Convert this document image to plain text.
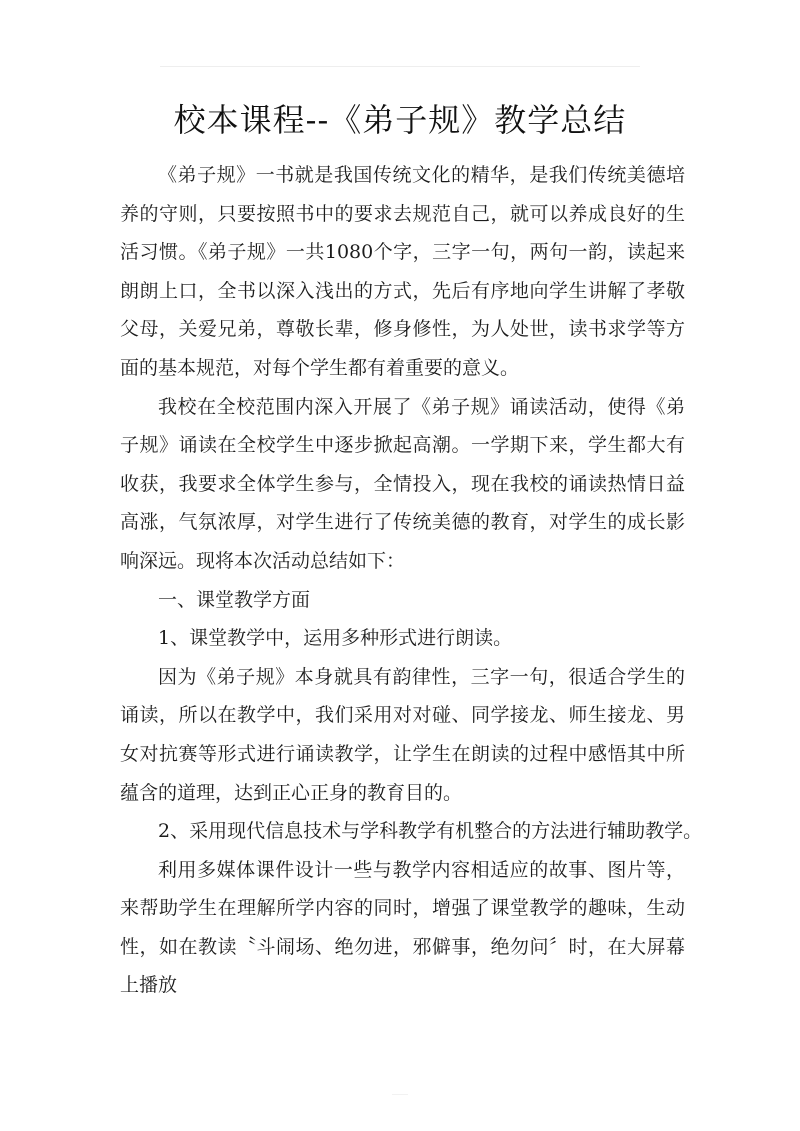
校本课程--《弟子规》教学总结

《弟子规》一书就是我国传统文化的精华，是我们传统美德培养的守则，只要按照书中的要求去规范自己，就可以养成良好的生活习惯。《弟子规》一共1080个字，三字一句，两句一韵，读起来朗朗上口，全书以深入浅出的方式，先后有序地向学生讲解了孝敬父母，关爱兄弟，尊敬长辈，修身修性，为人处世，读书求学等方面的基本规范，对每个学生都有着重要的意义。

我校在全校范围内深入开展了《弟子规》诵读活动，使得《弟子规》诵读在全校学生中逐步掀起高潮。一学期下来，学生都大有收获，我要求全体学生参与，全情投入，现在我校的诵读热情日益高涨，气氛浓厚，对学生进行了传统美德的教育，对学生的成长影响深远。现将本次活动总结如下：

一、课堂教学方面

1、课堂教学中，运用多种形式进行朗读。

因为《弟子规》本身就具有韵律性，三字一句，很适合学生的诵读，所以在教学中，我们采用对对碰、同学接龙、师生接龙、男女对抗赛等形式进行诵读教学，让学生在朗读的过程中感悟其中所蕴含的道理，达到正心正身的教育目的。

2、采用现代信息技术与学科教学有机整合的方法进行辅助教学。

利用多媒体课件设计一些与教学内容相适应的故事、图片等，来帮助学生在理解所学内容的同时，增强了课堂教学的趣味，生动性，如在教读〝斗闹场、绝勿进，邪僻事，绝勿问〞时，在大屏幕上播放
